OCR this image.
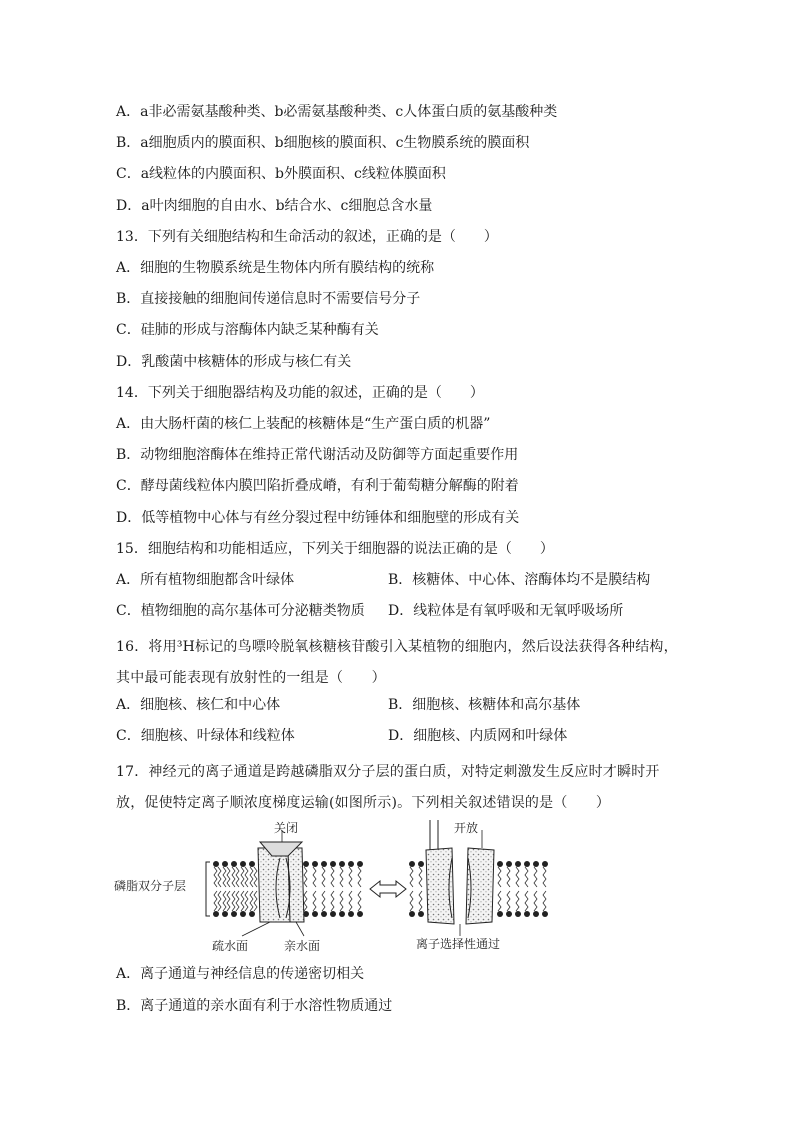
A．a非必需氨基酸种类、b必需氨基酸种类、c人体蛋白质的氨基酸种类
B．a细胞质内的膜面积、b细胞核的膜面积、c生物膜系统的膜面积
C．a线粒体的内膜面积、b外膜面积、c线粒体膜面积
D．a叶肉细胞的自由水、b结合水、c细胞总含水量
13．下列有关细胞结构和生命活动的叙述，正确的是（　　）
A．细胞的生物膜系统是生物体内所有膜结构的统称
B．直接接触的细胞间传递信息时不需要信号分子
C．硅肺的形成与溶酶体内缺乏某种酶有关
D．乳酸菌中核糖体的形成与核仁有关
14．下列关于细胞器结构及功能的叙述，正确的是（　　）
A．由大肠杆菌的核仁上装配的核糖体是“生产蛋白质的机器”
B．动物细胞溶酶体在维持正常代谢活动及防御等方面起重要作用
C．酵母菌线粒体内膜凹陷折叠成嵴，有利于葡萄糖分解酶的附着
D．低等植物中心体与有丝分裂过程中纺锤体和细胞壁的形成有关
15．细胞结构和功能相适应，下列关于细胞器的说法正确的是（　　）
A．所有植物细胞都含叶绿体	B．核糖体、中心体、溶酶体均不是膜结构
C．植物细胞的高尔基体可分泌糖类物质 D．线粒体是有氧呼吸和无氧呼吸场所
16．将用³H标记的鸟嘌呤脱氧核糖核苷酸引入某植物的细胞内，然后设法获得各种结构，其中最可能表现有放射性的一组是（　　）
A．细胞核、核仁和中心体	B．细胞核、核糖体和高尔基体
C．细胞核、叶绿体和线粒体	D．细胞核、内质网和叶绿体
17．神经元的离子通道是跨越磷脂双分子层的蛋白质，对特定刺激发生反应时才瞬时开放，促使特定离子顺浓度梯度运输(如图所示)。下列相关叙述错误的是（　　）
磷脂双分子层
关闭	开放
疏水面	亲水面	离子选择性通过
A．离子通道与神经信息的传递密切相关
B．离子通道的亲水面有利于水溶性物质通过
